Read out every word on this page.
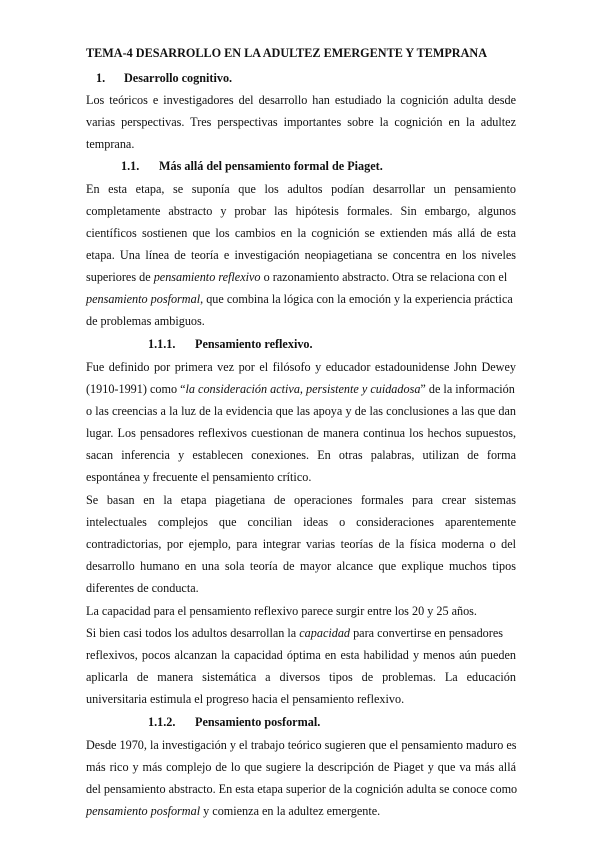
TEMA-4 DESARROLLO EN LA ADULTEZ EMERGENTE Y TEMPRANA
1. Desarrollo cognitivo.
Los teóricos e investigadores del desarrollo han estudiado la cognición adulta desde
varias perspectivas. Tres perspectivas importantes sobre la cognición en la adultez
temprana.
1.1. Más allá del pensamiento formal de Piaget.
En esta etapa, se suponía que los adultos podían desarrollar un pensamiento
completamente abstracto y probar las hipótesis formales. Sin embargo, algunos
científicos sostienen que los cambios en la cognición se extienden más allá de esta
etapa. Una línea de teoría e investigación neopiagetiana se concentra en los niveles
superiores de pensamiento reflexivo o razonamiento abstracto. Otra se relaciona con el
pensamiento posformal, que combina la lógica con la emoción y la experiencia práctica
de problemas ambiguos.
1.1.1. Pensamiento reflexivo.
Fue definido por primera vez por el filósofo y educador estadounidense John Dewey
(1910-1991) como “la consideración activa, persistente y cuidadosa” de la información
o las creencias a la luz de la evidencia que las apoya y de las conclusiones a las que dan
lugar. Los pensadores reflexivos cuestionan de manera continua los hechos supuestos,
sacan inferencia y establecen conexiones. En otras palabras, utilizan de forma
espontánea y frecuente el pensamiento crítico.
Se basan en la etapa piagetiana de operaciones formales para crear sistemas
intelectuales complejos que concilian ideas o consideraciones aparentemente
contradictorias, por ejemplo, para integrar varias teorías de la física moderna o del
desarrollo humano en una sola teoría de mayor alcance que explique muchos tipos
diferentes de conducta.
La capacidad para el pensamiento reflexivo parece surgir entre los 20 y 25 años.
Si bien casi todos los adultos desarrollan la capacidad para convertirse en pensadores
reflexivos, pocos alcanzan la capacidad óptima en esta habilidad y menos aún pueden
aplicarla de manera sistemática a diversos tipos de problemas. La educación
universitaria estimula el progreso hacia el pensamiento reflexivo.
1.1.2. Pensamiento posformal.
Desde 1970, la investigación y el trabajo teórico sugieren que el pensamiento maduro es
más rico y más complejo de lo que sugiere la descripción de Piaget y que va más allá
del pensamiento abstracto. En esta etapa superior de la cognición adulta se conoce como
pensamiento posformal y comienza en la adultez emergente.
